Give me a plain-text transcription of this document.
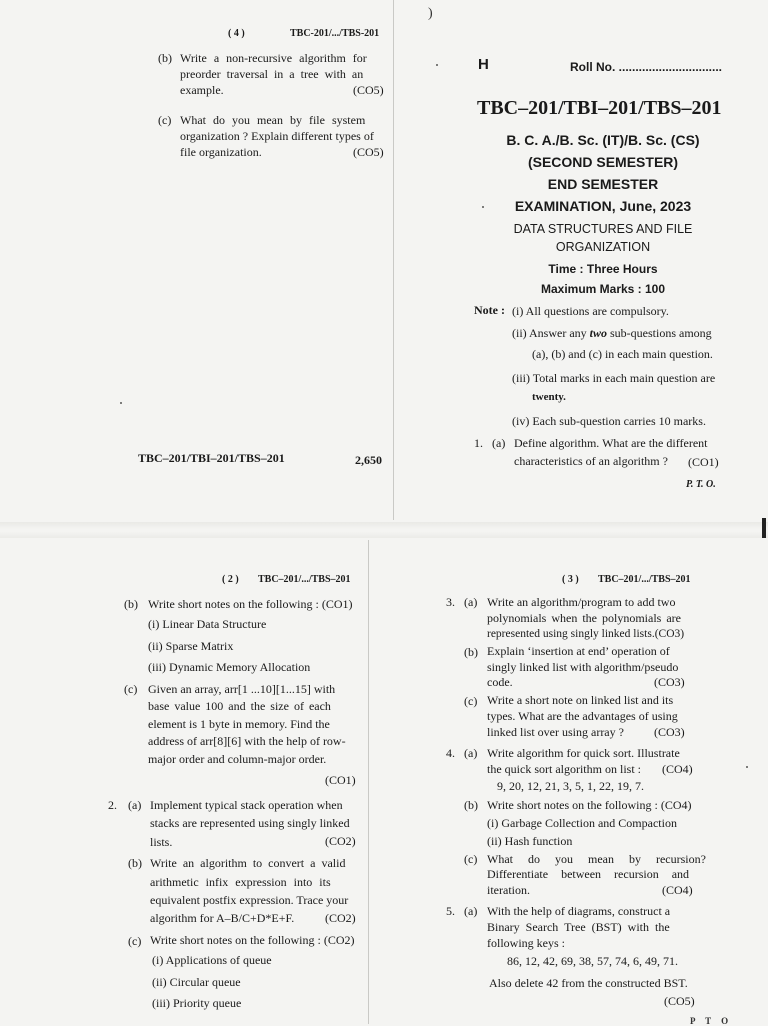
)
( 4 )	TBC-201/.../TBS-201
(b) Write a non-recursive algorithm for
preorder traversal in a tree with an
example.	(CO5)
(c) What do you mean by file system
organization ? Explain different types of
file organization.	(CO5)
TBC–201/TBI–201/TBS–201	2,650
H	Roll No. ...............................
TBC–201/TBI–201/TBS–201
B. C. A./B. Sc. (IT)/B. Sc. (CS)
(SECOND SEMESTER)
END SEMESTER
EXAMINATION, June, 2023
DATA STRUCTURES AND FILE
ORGANIZATION
Time : Three Hours
Maximum Marks : 100
Note : (i) All questions are compulsory.
(ii) Answer any two sub-questions among
(a), (b) and (c) in each main question.
(iii) Total marks in each main question are
twenty.
(iv) Each sub-question carries 10 marks.
1. (a) Define algorithm. What are the different
characteristics of an algorithm ? (CO1)
P. T. O.
( 2 ) TBC–201/.../TBS–201
(b) Write short notes on the following : (CO1)
(i) Linear Data Structure
(ii) Sparse Matrix
(iii) Dynamic Memory Allocation
(c) Given an array, arr[1 ...10][1...15] with
base value 100 and the size of each
element is 1 byte in memory. Find the
address of arr[8][6] with the help of row-
major order and column-major order.
(CO1)
2. (a) Implement typical stack operation when
stacks are represented using singly linked
lists.	(CO2)
(b) Write an algorithm to convert a valid
arithmetic infix expression into its
equivalent postfix expression. Trace your
algorithm for A–B/C+D*E+F.	(CO2)
(c) Write short notes on the following : (CO2)
(i) Applications of queue
(ii) Circular queue
(iii) Priority queue
( 3 ) TBC–201/.../TBS–201
3. (a) Write an algorithm/program to add two
polynomials when the polynomials are
represented using singly linked lists.(CO3)
(b) Explain ‘insertion at end’ operation of
singly linked list with algorithm/pseudo
code.	(CO3)
(c) Write a short note on linked list and its
types. What are the advantages of using
linked list over using array ?	(CO3)
4. (a) Write algorithm for quick sort. Illustrate
the quick sort algorithm on list : (CO4)
9, 20, 12, 21, 3, 5, 1, 22, 19, 7.
(b) Write short notes on the following : (CO4)
(i) Garbage Collection and Compaction
(ii) Hash function
(c) What do you mean by recursion?
Differentiate between recursion and
iteration.	(CO4)
5. (a) With the help of diagrams, construct a
Binary Search Tree (BST) with the
following keys :
86, 12, 42, 69, 38, 57, 74, 6, 49, 71.
Also delete 42 from the constructed BST.
(CO5)
P T O
